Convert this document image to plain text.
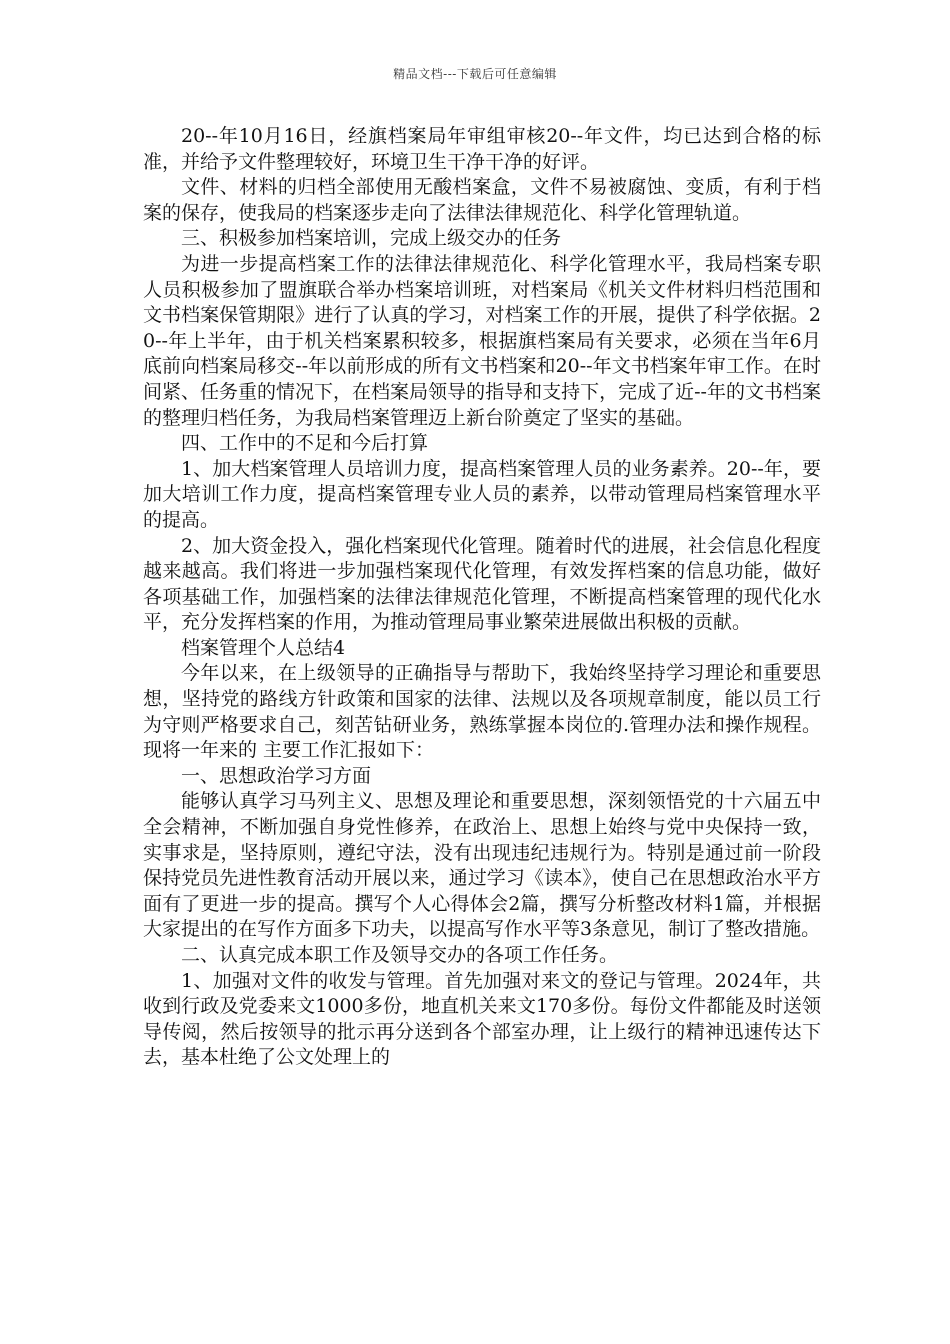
精品文档---下载后可任意编辑

20--年10月16日，经旗档案局年审组审核20--年文件，均已达到合格的标准，并给予文件整理较好，环境卫生干净干净的好评。

文件、材料的归档全部使用无酸档案盒，文件不易被腐蚀、变质，有利于档案的保存，使我局的档案逐步走向了法律法律规范化、科学化管理轨道。

三、积极参加档案培训，完成上级交办的任务

为进一步提高档案工作的法律法律规范化、科学化管理水平，我局档案专职人员积极参加了盟旗联合举办档案培训班，对档案局《机关文件材料归档范围和文书档案保管期限》进行了认真的学习，对档案工作的开展，提供了科学依据。20--年上半年，由于机关档案累积较多，根据旗档案局有关要求，必须在当年6月底前向档案局移交--年以前形成的所有文书档案和20--年文书档案年审工作。在时间紧、任务重的情况下，在档案局领导的指导和支持下，完成了近--年的文书档案的整理归档任务，为我局档案管理迈上新台阶奠定了坚实的基础。

四、工作中的不足和今后打算

1、加大档案管理人员培训力度，提高档案管理人员的业务素养。20--年，要加大培训工作力度，提高档案管理专业人员的素养，以带动管理局档案管理水平的提高。

2、加大资金投入，强化档案现代化管理。随着时代的进展，社会信息化程度越来越高。我们将进一步加强档案现代化管理，有效发挥档案的信息功能，做好各项基础工作，加强档案的法律法律规范化管理，不断提高档案管理的现代化水平，充分发挥档案的作用，为推动管理局事业繁荣进展做出积极的贡献。

档案管理个人总结4

今年以来，在上级领导的正确指导与帮助下，我始终坚持学习理论和重要思想，坚持党的路线方针政策和国家的法律、法规以及各项规章制度，能以员工行为守则严格要求自己，刻苦钻研业务，熟练掌握本岗位的.管理办法和操作规程。现将一年来的 主要工作汇报如下：

一、思想政治学习方面

能够认真学习马列主义、思想及理论和重要思想，深刻领悟党的十六届五中全会精神，不断加强自身党性修养，在政治上、思想上始终与党中央保持一致，实事求是，坚持原则，遵纪守法，没有出现违纪违规行为。特别是通过前一阶段保持党员先进性教育活动开展以来，通过学习《读本》，使自己在思想政治水平方面有了更进一步的提高。撰写个人心得体会2篇，撰写分析整改材料1篇，并根据大家提出的在写作方面多下功夫，以提高写作水平等3条意见，制订了整改措施。

二、认真完成本职工作及领导交办的各项工作任务。

1、加强对文件的收发与管理。首先加强对来文的登记与管理。2024年，共收到行政及党委来文1000多份，地直机关来文170多份。每份文件都能及时送领导传阅，然后按领导的批示再分送到各个部室办理，让上级行的精神迅速传达下去，基本杜绝了公文处理上的
